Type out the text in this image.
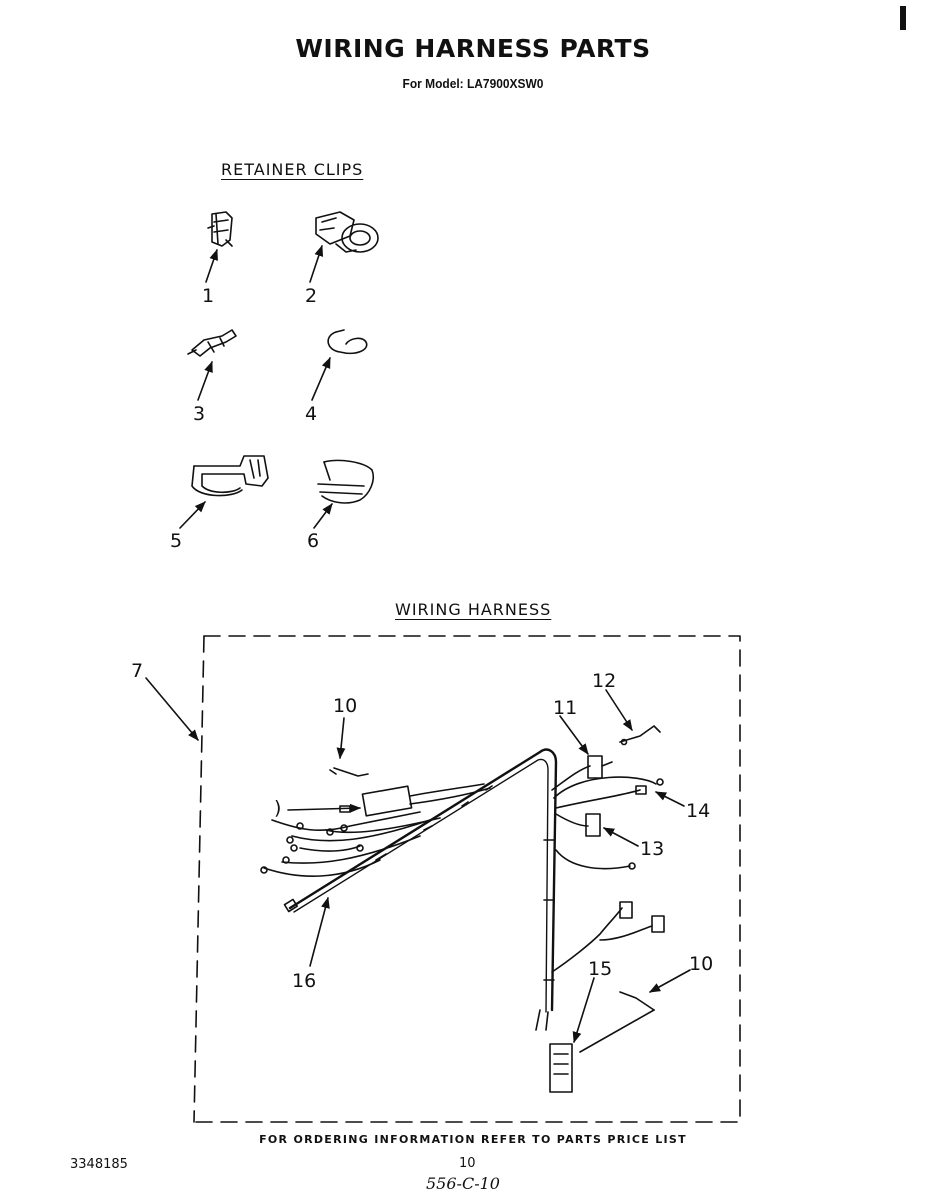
WIRING HARNESS PARTS
For Model: LA7900XSW0
RETAINER CLIPS
WIRING HARNESS
1	2
3	4
5	6
7
10
)
11
12
14
13
16
15	10
FOR ORDERING INFORMATION REFER TO PARTS PRICE LIST
3348185	10
556-C-10
